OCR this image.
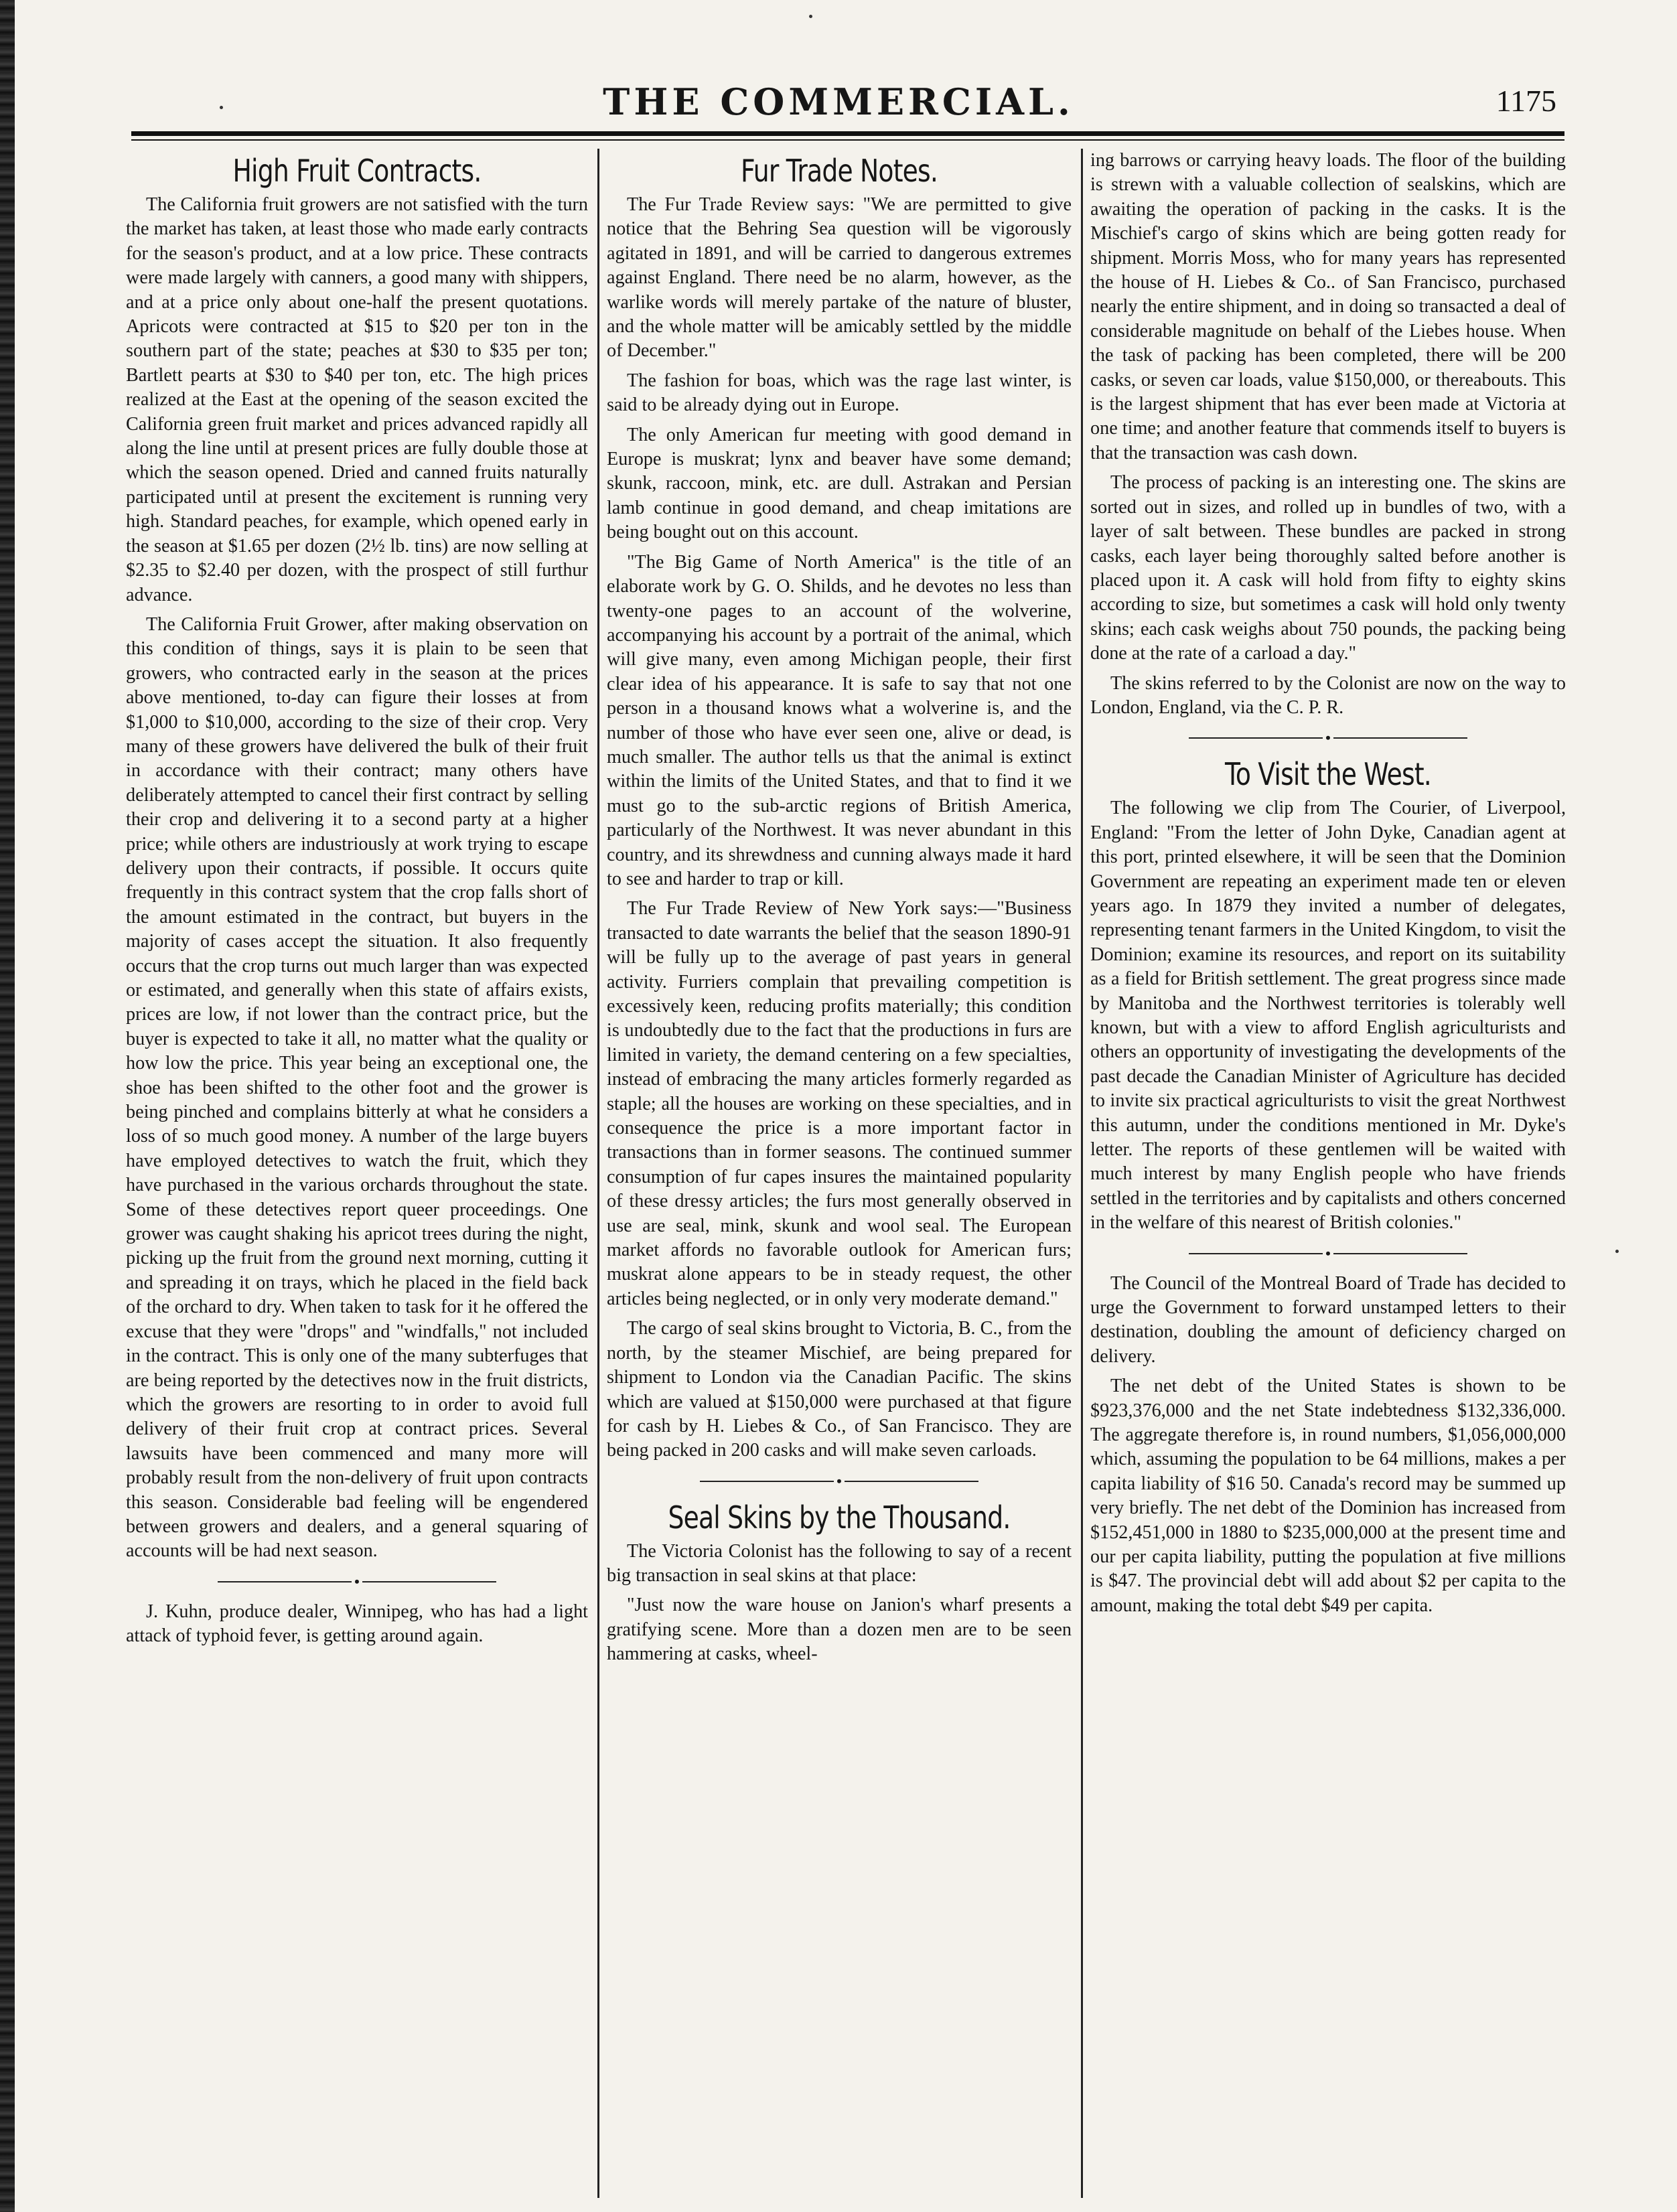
THE COMMERCIAL.	1175
High Fruit Contracts.

The California fruit growers are not satisfied with the turn the market has taken, at least those who made early contracts for the season's product, and at a low price. These contracts were made largely with canners, a good many with shippers, and at a price only about one-half the present quotations. Apricots were contracted at $15 to $20 per ton in the southern part of the state; peaches at $30 to $35 per ton; Bartlett pearts at $30 to $40 per ton, etc. The high prices realized at the East at the opening of the season excited the California green fruit market and prices advanced rapidly all along the line until at present prices are fully double those at which the season opened. Dried and canned fruits naturally participated until at present the excitement is running very high. Standard peaches, for example, which opened early in the season at $1.65 per dozen (2½ lb. tins) are now selling at $2.35 to $2.40 per dozen, with the prospect of still furthur advance.

The California Fruit Grower, after making observation on this condition of things, says it is plain to be seen that growers, who contracted early in the season at the prices above mentioned, to-day can figure their losses at from $1,000 to $10,000, according to the size of their crop. Very many of these growers have delivered the bulk of their fruit in accordance with their contract; many others have deliberately attempted to cancel their first contract by selling their crop and delivering it to a second party at a higher price; while others are industriously at work trying to escape delivery upon their contracts, if possible. It occurs quite frequently in this contract system that the crop falls short of the amount estimated in the contract, but buyers in the majority of cases accept the situation. It also frequently occurs that the crop turns out much larger than was expected or estimated, and generally when this state of affairs exists, prices are low, if not lower than the contract price, but the buyer is expected to take it all, no matter what the quality or how low the price. This year being an exceptional one, the shoe has been shifted to the other foot and the grower is being pinched and complains bitterly at what he considers a loss of so much good money. A number of the large buyers have employed detectives to watch the fruit, which they have purchased in the various orchards throughout the state. Some of these detectives report queer proceedings. One grower was caught shaking his apricot trees during the night, picking up the fruit from the ground next morning, cutting it and spreading it on trays, which he placed in the field back of the orchard to dry. When taken to task for it he offered the excuse that they were "drops" and "windfalls," not included in the contract. This is only one of the many subterfuges that are being reported by the detectives now in the fruit districts, which the growers are resorting to in order to avoid full delivery of their fruit crop at contract prices. Several lawsuits have been commenced and many more will probably result from the non-delivery of fruit upon contracts this season. Considerable bad feeling will be engendered between growers and dealers, and a general squaring of accounts will be had next season.

•

J. Kuhn, produce dealer, Winnipeg, who has had a light attack of typhoid fever, is getting around again.

Fur Trade Notes.

The Fur Trade Review says: "We are permitted to give notice that the Behring Sea question will be vigorously agitated in 1891, and will be carried to dangerous extremes against England. There need be no alarm, however, as the warlike words will merely partake of the nature of bluster, and the whole matter will be amicably settled by the middle of December."

The fashion for boas, which was the rage last winter, is said to be already dying out in Europe.

The only American fur meeting with good demand in Europe is muskrat; lynx and beaver have some demand; skunk, raccoon, mink, etc. are dull. Astrakan and Persian lamb continue in good demand, and cheap imitations are being bought out on this account.

"The Big Game of North America" is the title of an elaborate work by G. O. Shilds, and he devotes no less than twenty-one pages to an account of the wolverine, accompanying his account by a portrait of the animal, which will give many, even among Michigan people, their first clear idea of his appearance. It is safe to say that not one person in a thousand knows what a wolverine is, and the number of those who have ever seen one, alive or dead, is much smaller. The author tells us that the animal is extinct within the limits of the United States, and that to find it we must go to the sub-arctic regions of British America, particularly of the Northwest. It was never abundant in this country, and its shrewdness and cunning always made it hard to see and harder to trap or kill.

The Fur Trade Review of New York says:—"Business transacted to date warrants the belief that the season 1890-91 will be fully up to the average of past years in general activity. Furriers complain that prevailing competition is excessively keen, reducing profits materially; this condition is undoubtedly due to the fact that the productions in furs are limited in variety, the demand centering on a few specialties, instead of embracing the many articles formerly regarded as staple; all the houses are working on these specialties, and in consequence the price is a more important factor in transactions than in former seasons. The continued summer consumption of fur capes insures the maintained popularity of these dressy articles; the furs most generally observed in use are seal, mink, skunk and wool seal. The European market affords no favorable outlook for American furs; muskrat alone appears to be in steady request, the other articles being neglected, or in only very moderate demand."

The cargo of seal skins brought to Victoria, B. C., from the north, by the steamer Mischief, are being prepared for shipment to London via the Canadian Pacific. The skins which are valued at $150,000 were purchased at that figure for cash by H. Liebes & Co., of San Francisco. They are being packed in 200 casks and will make seven carloads.

•
Seal Skins by the Thousand.

The Victoria Colonist has the following to say of a recent big transaction in seal skins at that place:

"Just now the ware house on Janion's wharf presents a gratifying scene. More than a dozen men are to be seen hammering at casks, wheel-

ing barrows or carrying heavy loads. The floor of the building is strewn with a valuable collection of sealskins, which are awaiting the operation of packing in the casks. It is the Mischief's cargo of skins which are being gotten ready for shipment. Morris Moss, who for many years has represented the house of H. Liebes & Co.. of San Francisco, purchased nearly the entire shipment, and in doing so transacted a deal of considerable magnitude on behalf of the Liebes house. When the task of packing has been completed, there will be 200 casks, or seven car loads, value $150,000, or thereabouts. This is the largest shipment that has ever been made at Victoria at one time; and another feature that commends itself to buyers is that the transaction was cash down.

The process of packing is an interesting one. The skins are sorted out in sizes, and rolled up in bundles of two, with a layer of salt between. These bundles are packed in strong casks, each layer being thoroughly salted before another is placed upon it. A cask will hold from fifty to eighty skins according to size, but sometimes a cask will hold only twenty skins; each cask weighs about 750 pounds, the packing being done at the rate of a carload a day."

The skins referred to by the Colonist are now on the way to London, England, via the C. P. R.

•
To Visit the West.

The following we clip from The Courier, of Liverpool, England: "From the letter of John Dyke, Canadian agent at this port, printed elsewhere, it will be seen that the Dominion Government are repeating an experiment made ten or eleven years ago. In 1879 they invited a number of delegates, representing tenant farmers in the United Kingdom, to visit the Dominion; examine its resources, and report on its suitability as a field for British settlement. The great progress since made by Manitoba and the Northwest territories is tolerably well known, but with a view to afford English agriculturists and others an opportunity of investigating the developments of the past decade the Canadian Minister of Agriculture has decided to invite six practical agriculturists to visit the great Northwest this autumn, under the conditions mentioned in Mr. Dyke's letter. The reports of these gentlemen will be waited with much interest by many English people who have friends settled in the territories and by capitalists and others concerned in the welfare of this nearest of British colonies."

•

The Council of the Montreal Board of Trade has decided to urge the Government to forward unstamped letters to their destination, doubling the amount of deficiency charged on delivery.

The net debt of the United States is shown to be $923,376,000 and the net State indebtedness $132,336,000. The aggregate therefore is, in round numbers, $1,056,000,000 which, assuming the population to be 64 millions, makes a per capita liability of $16 50. Canada's record may be summed up very briefly. The net debt of the Dominion has increased from $152,451,000 in 1880 to $235,000,000 at the present time and our per capita liability, putting the population at five millions is $47. The provincial debt will add about $2 per capita to the amount, making the total debt $49 per capita.
